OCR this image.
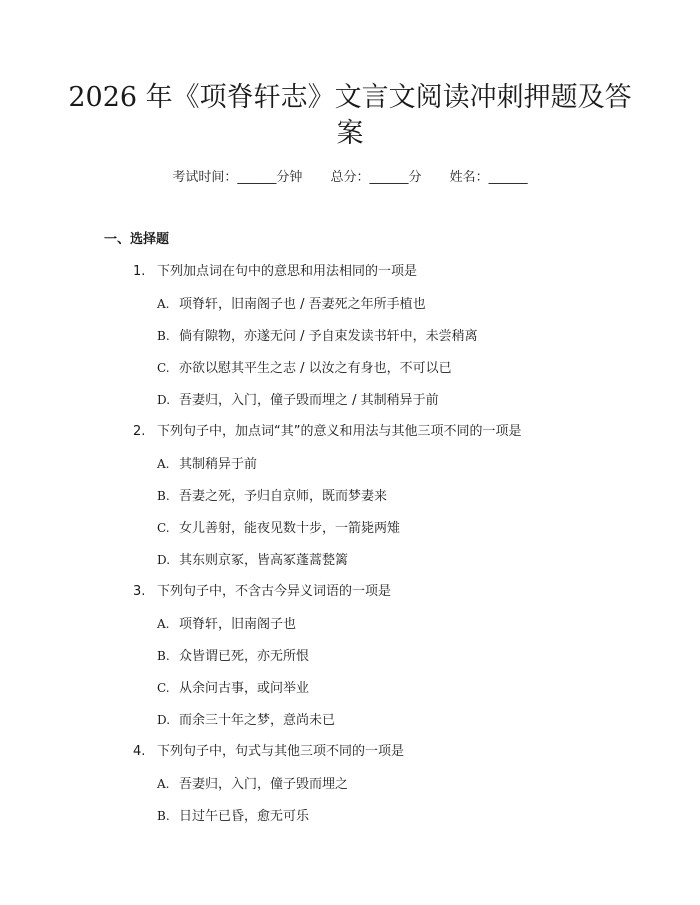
2026 年《项脊轩志》文言文阅读冲刺押题及答案
考试时间：______分钟 总分：______分 姓名：______
一、选择题
1. 下列加点词在句中的意思和用法相同的一项是
A. 项脊轩，旧南阁子也 / 吾妻死之年所手植也
B. 倘有隙物，亦遂无问 / 予自束发读书轩中，未尝稍离
C. 亦欲以慰其平生之志 / 以汝之有身也，不可以已
D. 吾妻归，入门，僮子毁而埋之 / 其制稍异于前
2. 下列句子中，加点词“其”的意义和用法与其他三项不同的一项是
A. 其制稍异于前
B. 吾妻之死，予归自京师，既而梦妻来
C. 女儿善射，能夜见数十步，一箭毙两雉
D. 其东则京冢，皆高冢蓬蒿甃篱
3. 下列句子中，不含古今异义词语的一项是
A. 项脊轩，旧南阁子也
B. 众皆谓已死，亦无所恨
C. 从余问古事，或问举业
D. 而余三十年之梦，意尚未已
4. 下列句子中，句式与其他三项不同的一项是
A. 吾妻归，入门，僮子毁而埋之
B. 日过午已昏，愈无可乐
